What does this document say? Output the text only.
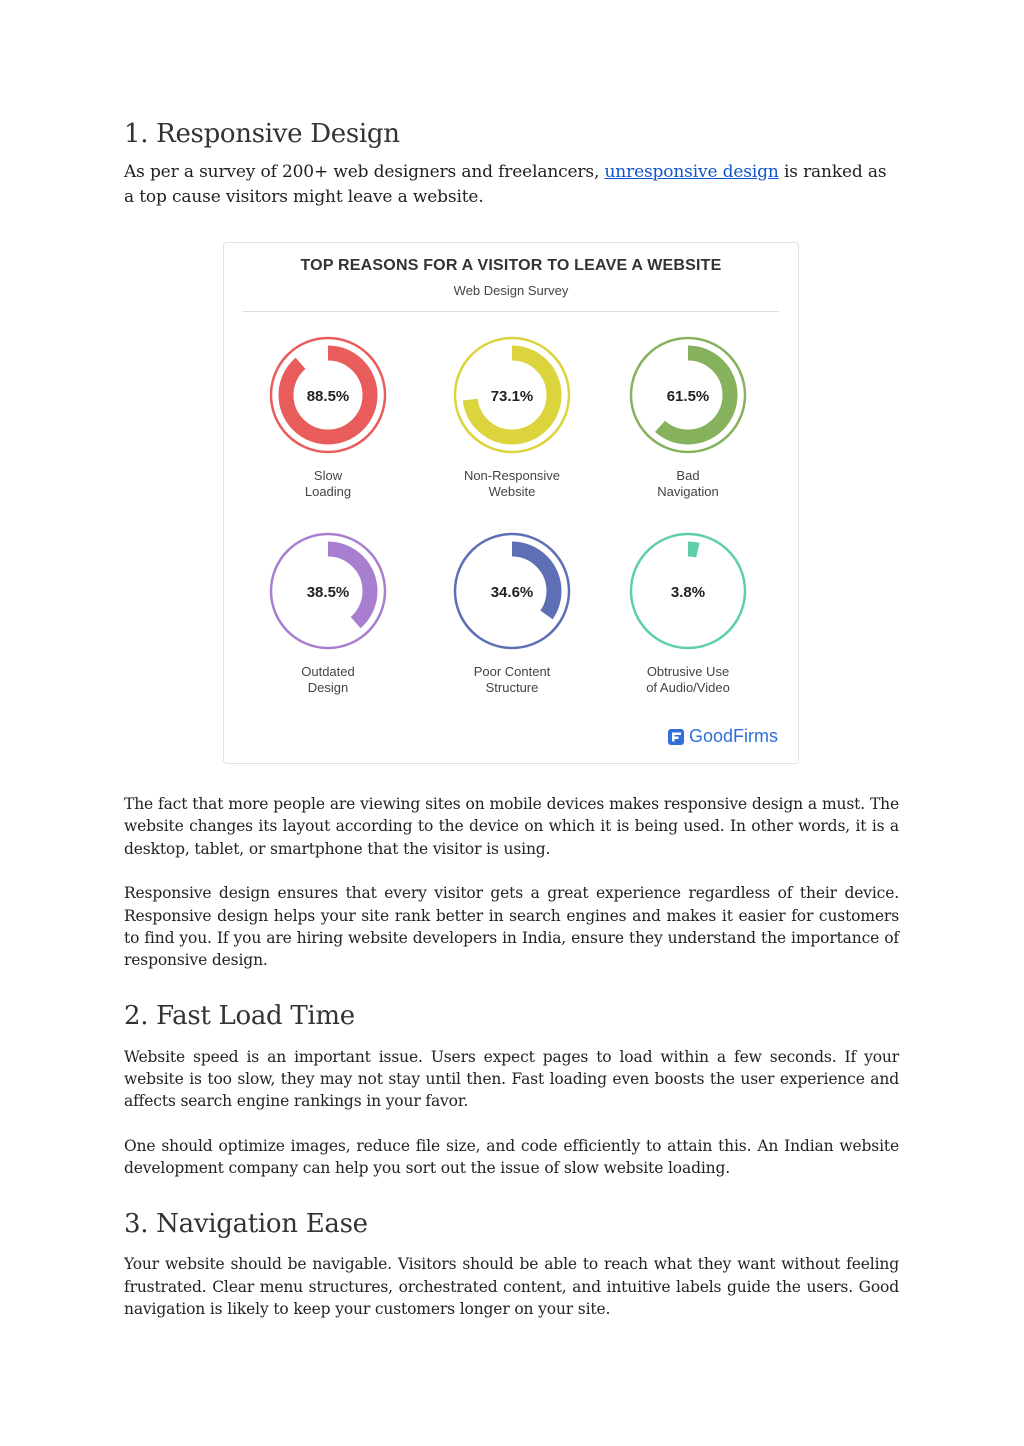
1. Responsive Design

As per a survey of 200+ web designers and freelancers, unresponsive design is ranked as a top cause visitors might leave a website.

TOP REASONS FOR A VISITOR TO LEAVE A WEBSITE
Web Design Survey
88.5%
Slow
Loading
73.1%
Non-Responsive
Website
61.5%
Bad
Navigation
38.5%
Outdated
Design
34.6%
Poor Content
Structure
3.8%
Obtrusive Use
of Audio/Video
GoodFirms

The fact that more people are viewing sites on mobile devices makes responsive design a must. The website changes its layout according to the device on which it is being used. In other words, it is a desktop, tablet, or smartphone that the visitor is using.

Responsive design ensures that every visitor gets a great experience regardless of their device. Responsive design helps your site rank better in search engines and makes it easier for customers to find you. If you are hiring website developers in India, ensure they understand the importance of responsive design.

2. Fast Load Time

Website speed is an important issue. Users expect pages to load within a few seconds. If your website is too slow, they may not stay until then. Fast loading even boosts the user experience and affects search engine rankings in your favor.

One should optimize images, reduce file size, and code efficiently to attain this. An Indian website development company can help you sort out the issue of slow website loading.

3. Navigation Ease

Your website should be navigable. Visitors should be able to reach what they want without feeling frustrated. Clear menu structures, orchestrated content, and intuitive labels guide the users. Good navigation is likely to keep your customers longer on your site.
